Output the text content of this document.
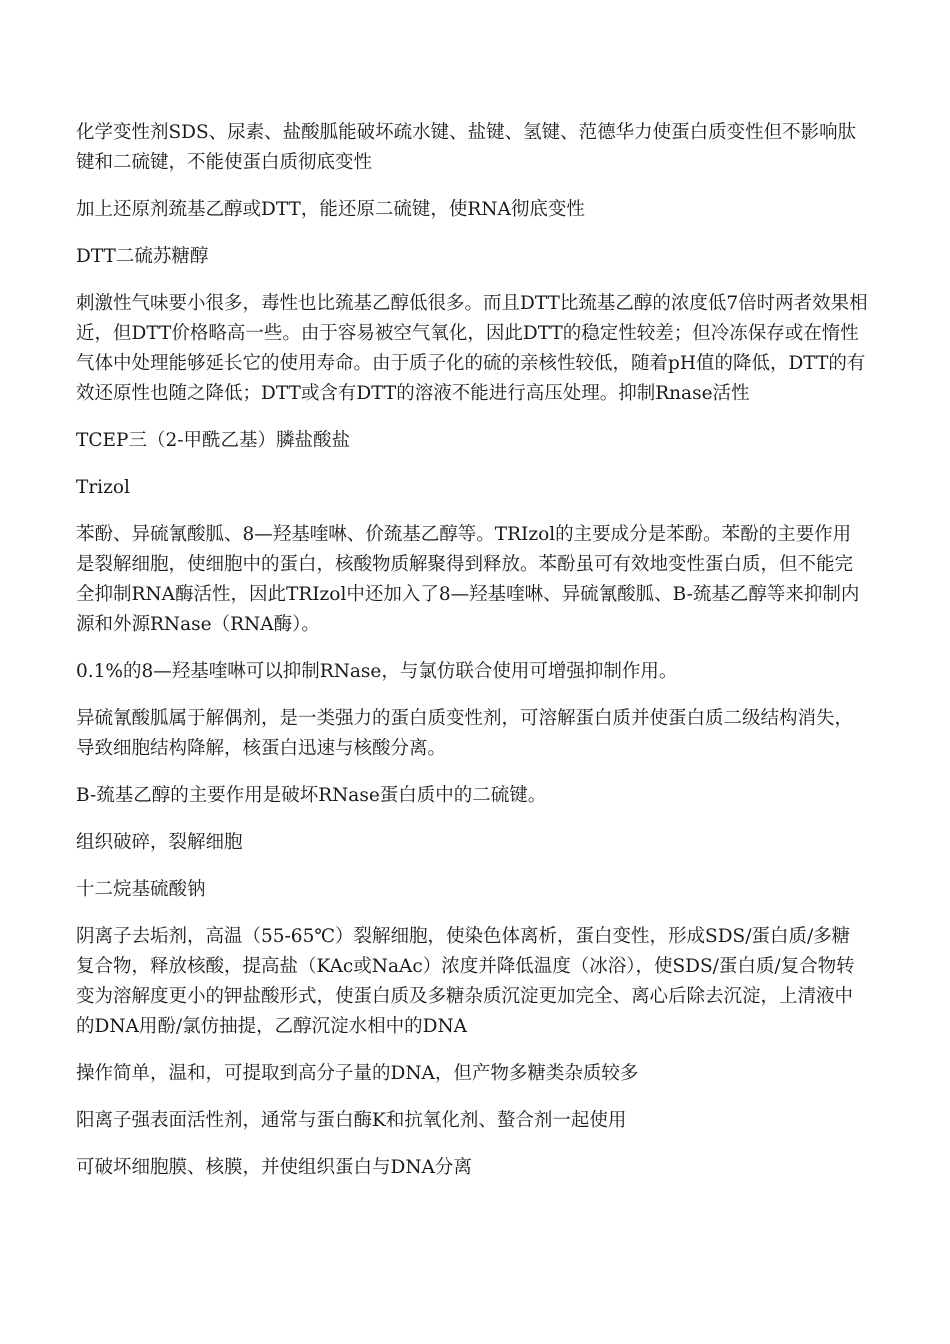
化学变性剂SDS、尿素、盐酸胍能破坏疏水键、盐键、氢键、范德华力使蛋白质变性但不影响肽键和二硫键，不能使蛋白质彻底变性

加上还原剂巯基乙醇或DTT，能还原二硫键，使RNA彻底变性

DTT二硫苏糖醇

刺激性气味要小很多，毒性也比巯基乙醇低很多。而且DTT比巯基乙醇的浓度低7倍时两者效果相近，但DTT价格略高一些。由于容易被空气氧化，因此DTT的稳定性较差；但冷冻保存或在惰性气体中处理能够延长它的使用寿命。由于质子化的硫的亲核性较低，随着pH值的降低，DTT的有效还原性也随之降低；DTT或含有DTT的溶液不能进行高压处理。抑制Rnase活性

TCEP三（2-甲酰乙基）膦盐酸盐

Trizol

苯酚、异硫氰酸胍、8—羟基喹啉、价巯基乙醇等。TRIzol的主要成分是苯酚。苯酚的主要作用是裂解细胞，使细胞中的蛋白，核酸物质解聚得到释放。苯酚虽可有效地变性蛋白质，但不能完全抑制RNA酶活性，因此TRIzol中还加入了8—羟基喹啉、异硫氰酸胍、B-巯基乙醇等来抑制内源和外源RNase（RNA酶）。

0.1%的8—羟基喹啉可以抑制RNase，与氯仿联合使用可增强抑制作用。

异硫氰酸胍属于解偶剂，是一类强力的蛋白质变性剂，可溶解蛋白质并使蛋白质二级结构消失，导致细胞结构降解，核蛋白迅速与核酸分离。

B-巯基乙醇的主要作用是破坏RNase蛋白质中的二硫键。

组织破碎，裂解细胞

十二烷基硫酸钠

阴离子去垢剂，高温（55-65℃）裂解细胞，使染色体离析，蛋白变性，形成SDS/蛋白质/多糖复合物，释放核酸，提高盐（KAc或NaAc）浓度并降低温度（冰浴），使SDS/蛋白质/复合物转变为溶解度更小的钾盐酸形式，使蛋白质及多糖杂质沉淀更加完全、离心后除去沉淀，上清液中的DNA用酚/氯仿抽提，乙醇沉淀水相中的DNA

操作简单，温和，可提取到高分子量的DNA，但产物多糖类杂质较多

阳离子强表面活性剂，通常与蛋白酶K和抗氧化剂、螯合剂一起使用

可破坏细胞膜、核膜，并使组织蛋白与DNA分离
